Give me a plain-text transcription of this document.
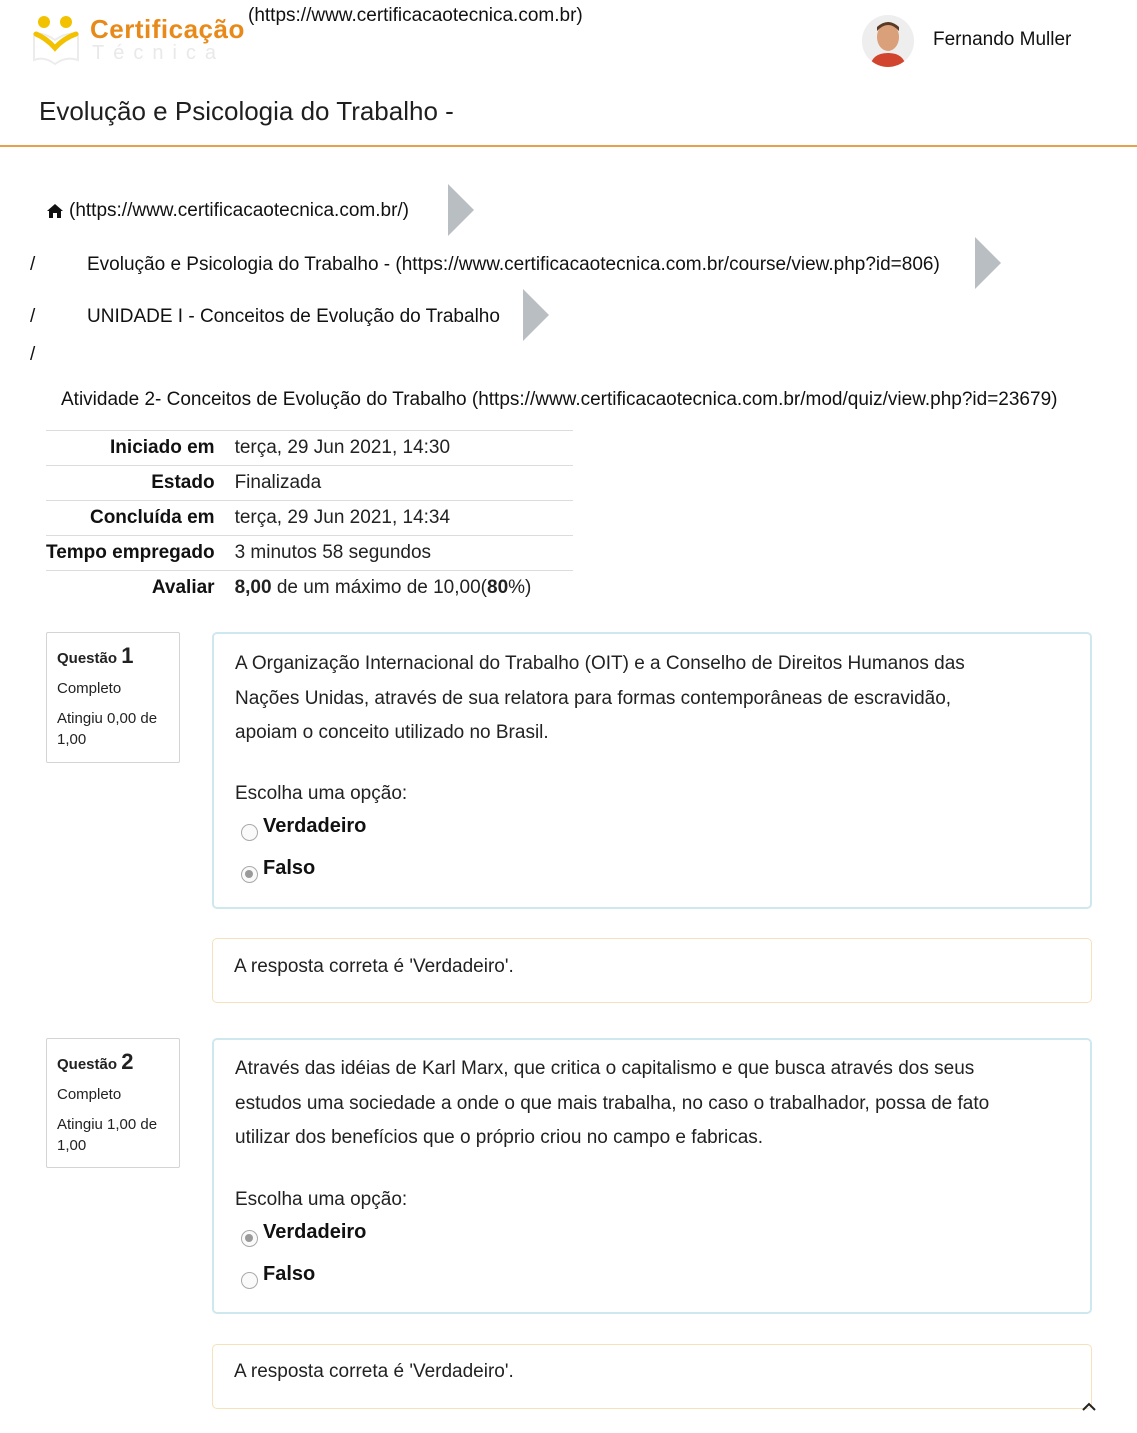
Certificação
Técnica
(https://www.certificacaotecnica.com.br)
Fernando Muller
Evolução e Psicologia do Trabalho -
(https://www.certificacaotecnica.com.br/)
/	Evolução e Psicologia do Trabalho - (https://www.certificacaotecnica.com.br/course/view.php?id=806)
/	UNIDADE I - Conceitos de Evolução do Trabalho
/
Atividade 2- Conceitos de Evolução do Trabalho (https://www.certificacaotecnica.com.br/mod/quiz/view.php?id=23679)
Iniciado em	terça, 29 Jun 2021, 14:30
Estado	Finalizada
Concluída em	terça, 29 Jun 2021, 14:34
Tempo empregado	3 minutos 58 segundos
Avaliar	8,00 de um máximo de 10,00(80%)
Questão 1
Completo
Atingiu 0,00 de 1,00
A Organização Internacional do Trabalho (OIT) e a Conselho de Direitos Humanos das Nações Unidas, através de sua relatora para formas contemporâneas de escravidão, apoiam o conceito utilizado no Brasil.
Escolha uma opção:
Verdadeiro
Falso
A resposta correta é 'Verdadeiro'.
Questão 2
Completo
Atingiu 1,00 de 1,00
Através das idéias de Karl Marx, que critica o capitalismo e que busca através dos seus estudos uma sociedade a onde o que mais trabalha, no caso o trabalhador, possa de fato utilizar dos benefícios que o próprio criou no campo e fabricas.
Escolha uma opção:
Verdadeiro
Falso
A resposta correta é 'Verdadeiro'.
